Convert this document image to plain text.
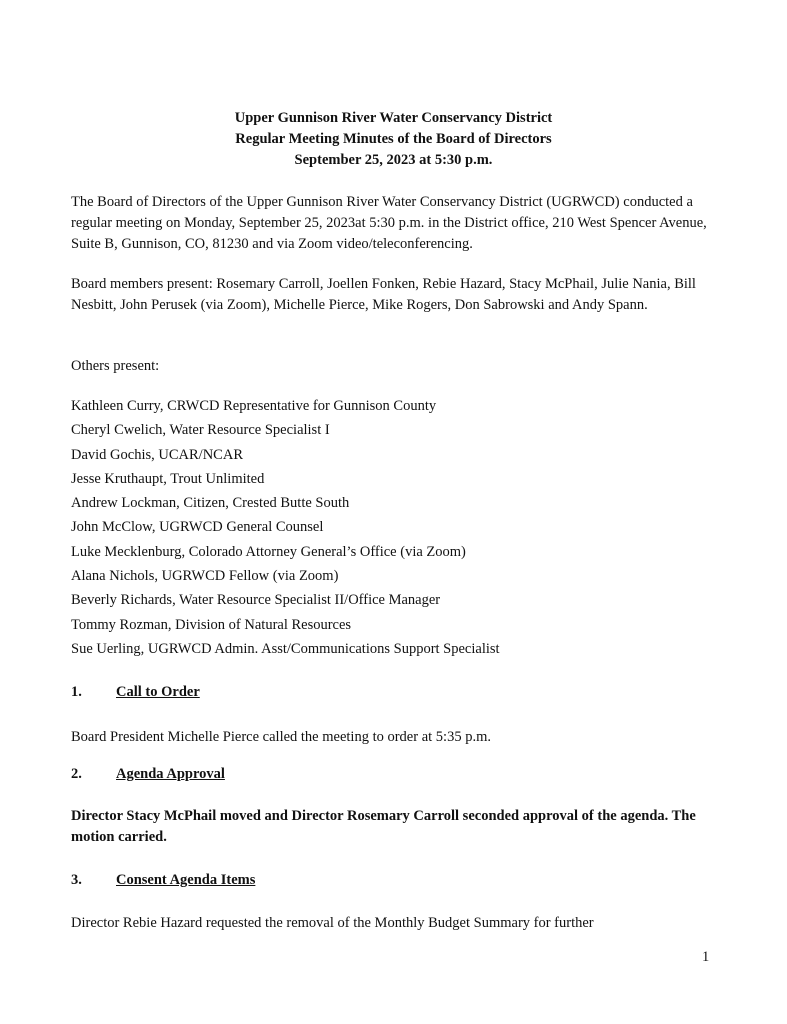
Upper Gunnison River Water Conservancy District
Regular Meeting Minutes of the Board of Directors
September 25, 2023 at 5:30 p.m.

The Board of Directors of the Upper Gunnison River Water Conservancy District (UGRWCD) conducted a regular meeting on Monday, September 25, 2023at 5:30 p.m. in the District office, 210 West Spencer Avenue, Suite B, Gunnison, CO, 81230 and via Zoom video/teleconferencing.

Board members present: Rosemary Carroll, Joellen Fonken, Rebie Hazard, Stacy McPhail, Julie Nania, Bill Nesbitt, John Perusek (via Zoom), Michelle Pierce, Mike Rogers, Don Sabrowski and Andy Spann.

Others present:

Kathleen Curry, CRWCD Representative for Gunnison County
Cheryl Cwelich, Water Resource Specialist I
David Gochis, UCAR/NCAR
Jesse Kruthaupt, Trout Unlimited
Andrew Lockman, Citizen, Crested Butte South
John McClow, UGRWCD General Counsel
Luke Mecklenburg, Colorado Attorney General’s Office (via Zoom)
Alana Nichols, UGRWCD Fellow (via Zoom)
Beverly Richards, Water Resource Specialist II/Office Manager
Tommy Rozman, Division of Natural Resources
Sue Uerling, UGRWCD Admin. Asst/Communications Support Specialist
1. Call to Order

Board President Michelle Pierce called the meeting to order at 5:35 p.m.

2. Agenda Approval

Director Stacy McPhail moved and Director Rosemary Carroll seconded approval of the agenda. The motion carried.

3. Consent Agenda Items

Director Rebie Hazard requested the removal of the Monthly Budget Summary for further

1
